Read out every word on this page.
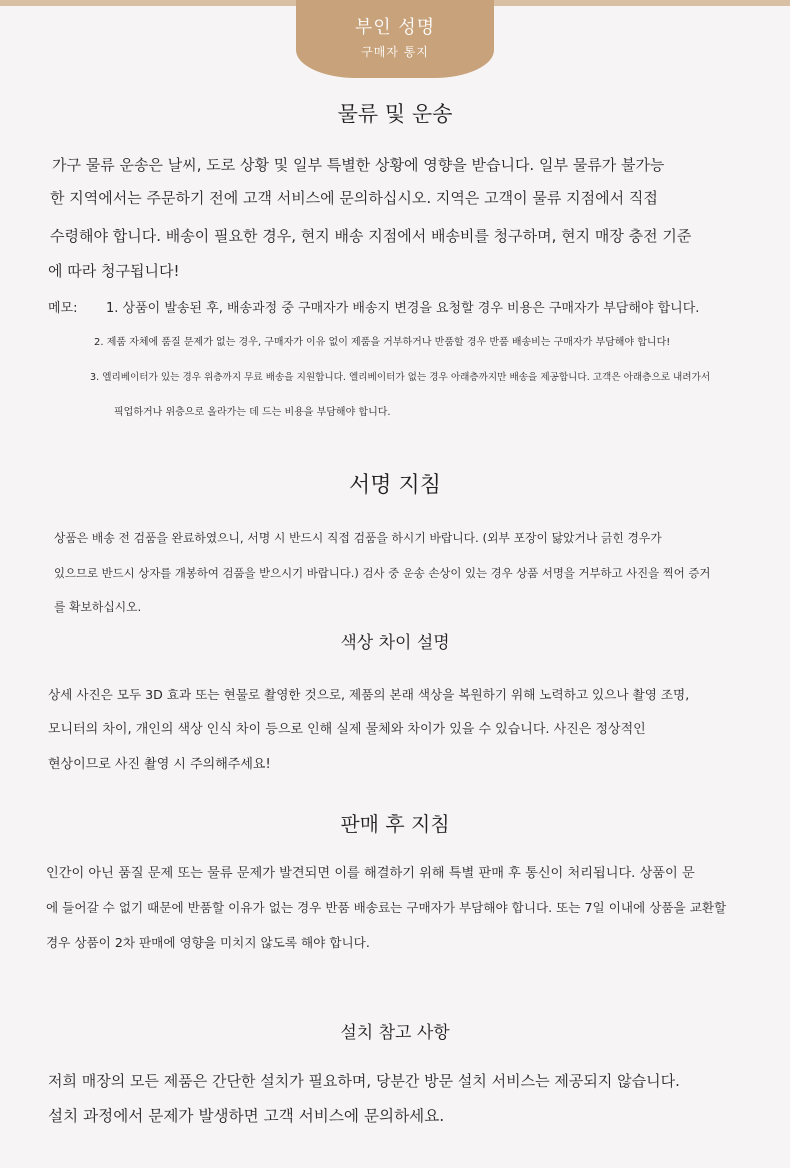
부인 성명
구매자 통지
물류 및 운송

가구 물류 운송은 날씨, 도로 상황 및 일부 특별한 상황에 영향을 받습니다. 일부 물류가 불가능

한 지역에서는 주문하기 전에 고객 서비스에 문의하십시오. 지역은 고객이 물류 지점에서 직접

수령해야 합니다. 배송이 필요한 경우, 현지 배송 지점에서 배송비를 청구하며, 현지 매장 충전 기준

에 따라 청구됩니다!

메모: 1. 상품이 발송된 후, 배송과정 중 구매자가 배송지 변경을 요청할 경우 비용은 구매자가 부담해야 합니다.

2. 제품 자체에 품질 문제가 없는 경우, 구매자가 이유 없이 제품을 거부하거나 반품할 경우 반품 배송비는 구매자가 부담해야 합니다!

3. 엘리베이터가 있는 경우 위층까지 무료 배송을 지원합니다. 엘리베이터가 없는 경우 아래층까지만 배송을 제공합니다. 고객은 아래층으로 내려가서

픽업하거나 위층으로 올라가는 데 드는 비용을 부담해야 합니다.

서명 지침

상품은 배송 전 검품을 완료하였으니, 서명 시 반드시 직접 검품을 하시기 바랍니다. (외부 포장이 닳았거나 긁힌 경우가

있으므로 반드시 상자를 개봉하여 검품을 받으시기 바랍니다.) 검사 중 운송 손상이 있는 경우 상품 서명을 거부하고 사진을 찍어 증거

를 확보하십시오.

색상 차이 설명

상세 사진은 모두 3D 효과 또는 현물로 촬영한 것으로, 제품의 본래 색상을 복원하기 위해 노력하고 있으나 촬영 조명,

모니터의 차이, 개인의 색상 인식 차이 등으로 인해 실제 물체와 차이가 있을 수 있습니다. 사진은 정상적인

현상이므로 사진 촬영 시 주의해주세요!

판매 후 지침

인간이 아닌 품질 문제 또는 물류 문제가 발견되면 이를 해결하기 위해 특별 판매 후 통신이 처리됩니다. 상품이 문

에 들어갈 수 없기 때문에 반품할 이유가 없는 경우 반품 배송료는 구매자가 부담해야 합니다. 또는 7일 이내에 상품을 교환할

경우 상품이 2차 판매에 영향을 미치지 않도록 해야 합니다.

설치 참고 사항

저희 매장의 모든 제품은 간단한 설치가 필요하며, 당분간 방문 설치 서비스는 제공되지 않습니다.

설치 과정에서 문제가 발생하면 고객 서비스에 문의하세요.
